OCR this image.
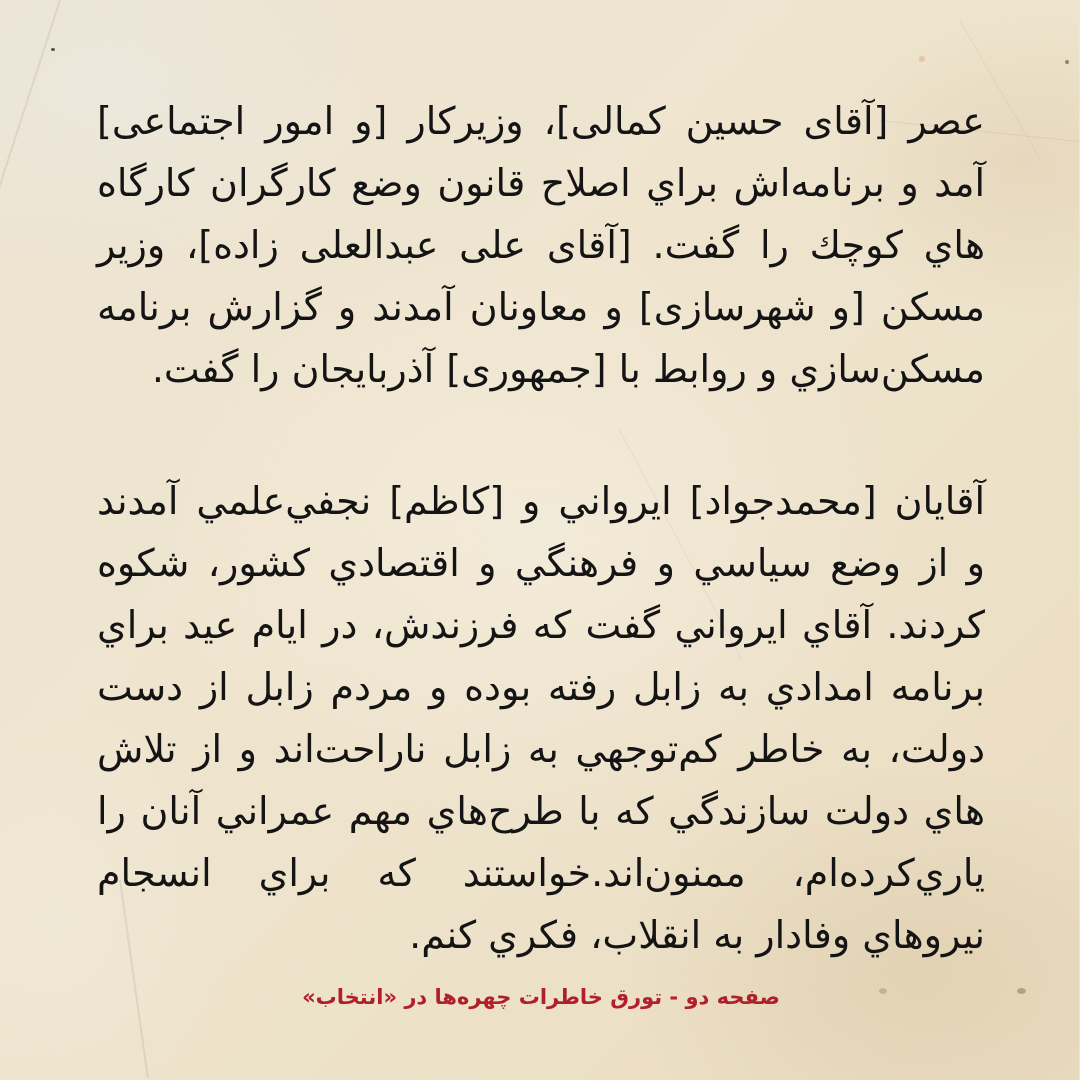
عصر [آقای حسین کمالی]، وزیرکار [و امور اجتماعی]
آمد و برنامه‌اش براي اصلاح قانون وضع کارگران کارگاه
هاي كوچك را گفت. [آقای علی عبدالعلی زاده]، وزیر
مسکن [و شهرسازی] و معاونان آمدند و گزارش برنامه
مسکن‌سازي و روابط با [جمهوری] آذربایجان را گفت.
آقايان [محمدجواد] ايرواني و [کاظم] نجفي‌علمي آمدند
و از وضع سياسي و فرهنگي و اقتصادي كشور، شكوه
كردند. آقاي ايرواني گفت كه فرزندش، در ايام عيد براي
برنامه امدادي به زابل رفته بوده و مردم زابل از دست
دولت، به خاطر كم‌توجهي به زابل ناراحت‌اند و از تلاش
هاي دولت سازندگي كه با طرح‌هاي مهم عمراني آنان را
ياري‌كرده‌ام، ممنون‌اند.خواستند كه براي انسجام
نيروهاي وفادار به انقلاب، فكري كنم.
صفحه دو - تورق خاطرات چهره‌ها در «انتخاب»
